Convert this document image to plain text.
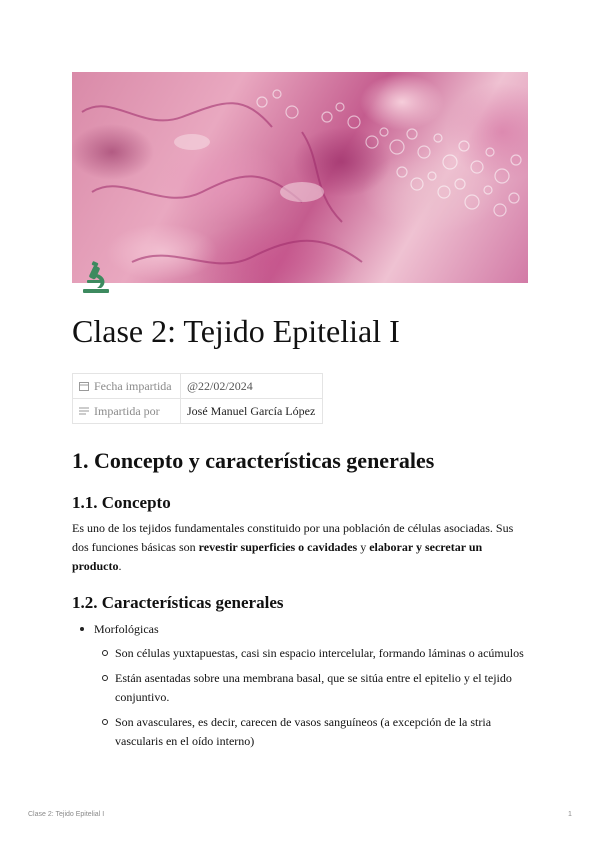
Clase 2: Tejido Epitelial I
Fecha impartida	@22/02/2024
Impartida por	José Manuel García López
1. Concepto y características generales
1.1. Concepto

Es uno de los tejidos fundamentales constituido por una población de células asociadas. Sus dos funciones básicas son revestir superficies o cavidades y elaborar y secretar un producto.

1.2. Características generales
Morfológicas
Son células yuxtapuestas, casi sin espacio intercelular, formando láminas o acúmulos
Están asentadas sobre una membrana basal, que se sitúa entre el epitelio y el tejido conjuntivo.
Son avasculares, es decir, carecen de vasos sanguíneos (a excepción de la stria vascularis en el oído interno)
Clase 2: Tejido Epitelial I	1
